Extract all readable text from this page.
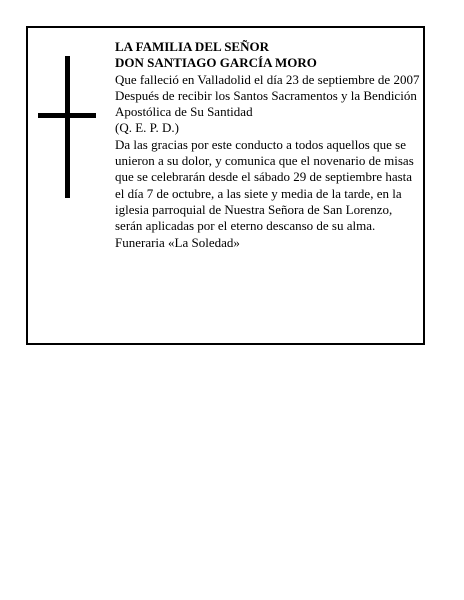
LA FAMILIA DEL SEÑOR

DON SANTIAGO GARCÍA MORO

Que falleció en Valladolid el día 23 de septiembre de 2007

Después de recibir los Santos Sacramentos y la Bendición Apostólica de Su Santidad

(Q. E. P. D.)

Da las gracias por este conducto a todos aquellos que se unieron a su dolor, y comunica que el novenario de misas que se celebrarán desde el sábado 29 de septiembre hasta el día 7 de octubre, a las siete y media de la tarde, en la iglesia parroquial de Nuestra Señora de San Lorenzo, serán aplicadas por el eterno descanso de su alma.

Funeraria «La Soledad»
